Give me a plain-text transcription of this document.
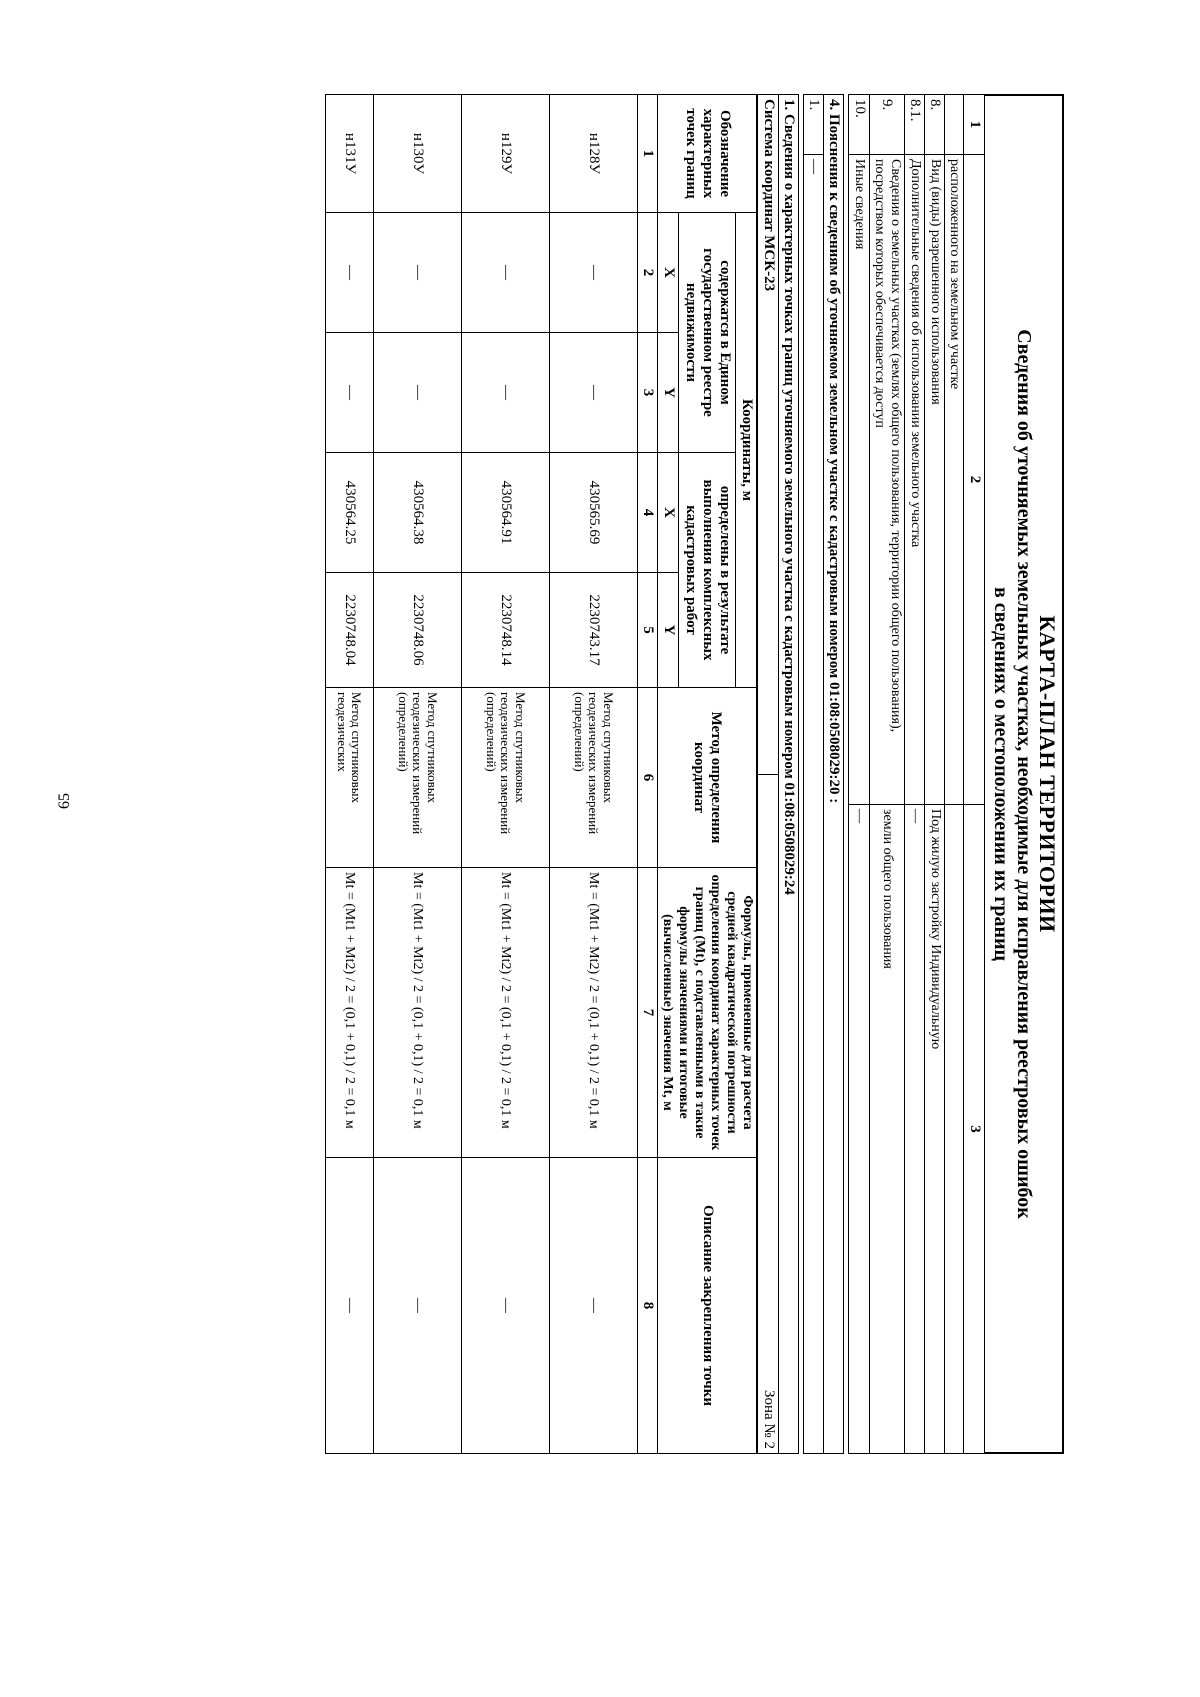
65	КАРТА-ПЛАН ТЕРРИТОРИИ
Сведения об уточняемых земельных участках, необходимые для исправления реестровых ошибок
в сведениях о местоположении их границ
1	2	3
	расположенного на земельном участке	
8.	Вид (виды) разрешенного использования	Под жилую застройку Индивидуальную
8.1.	Дополнительные сведения об использовании земельного участка	—
9.	Сведения о земельных участках (землях общего пользования, территории общего пользования), посредством которых обеспечивается доступ	земли общего пользования
10.	Иные сведения	—
4. Пояснения к сведениям об уточняемом земельном участке с кадастровым номером 01:08:0508029:20 :
1.	—
1. Сведения о характерных точках границ уточняемого земельного участка с кадастровым номером 01:08:0508029:24
Система координат МСК-23	Зона № 2
Обозначение характерных точек границ	Координаты, м				Метод определения координат	Формулы, примененные для расчета средней квадратической погрешности определения координат характерных точек границ (Mt), с подставленными в такие формулы значениями и итоговые (вычисленные) значения Mt, м	Описание закрепления точки
	содержатся в Едином государственном реестре недвижимости		определены в результате выполнения комплексных кадастровых работ				
	X	Y	X	Y			
1	2	3	4	5	6	7	8
н128У	—	—	430565.69	2230743.17	Метод спутниковых геодезических измерений (определений)	Mt = (Mt1 + Mt2) / 2 = (0,1 + 0,1) / 2 = 0,1 м	—
н129У	—	—	430564.91	2230748.14	Метод спутниковых геодезических измерений (определений)	Mt = (Mt1 + Mt2) / 2 = (0,1 + 0,1) / 2 = 0,1 м	—
н130У	—	—	430564.38	2230748.06	Метод спутниковых геодезических измерений (определений)	Mt = (Mt1 + Mt2) / 2 = (0,1 + 0,1) / 2 = 0,1 м	—
н131У	—	—	430564.25	2230748.04	Метод спутниковых геодезических	Mt = (Mt1 + Mt2) / 2 = (0,1 + 0,1) / 2 = 0,1 м	—
